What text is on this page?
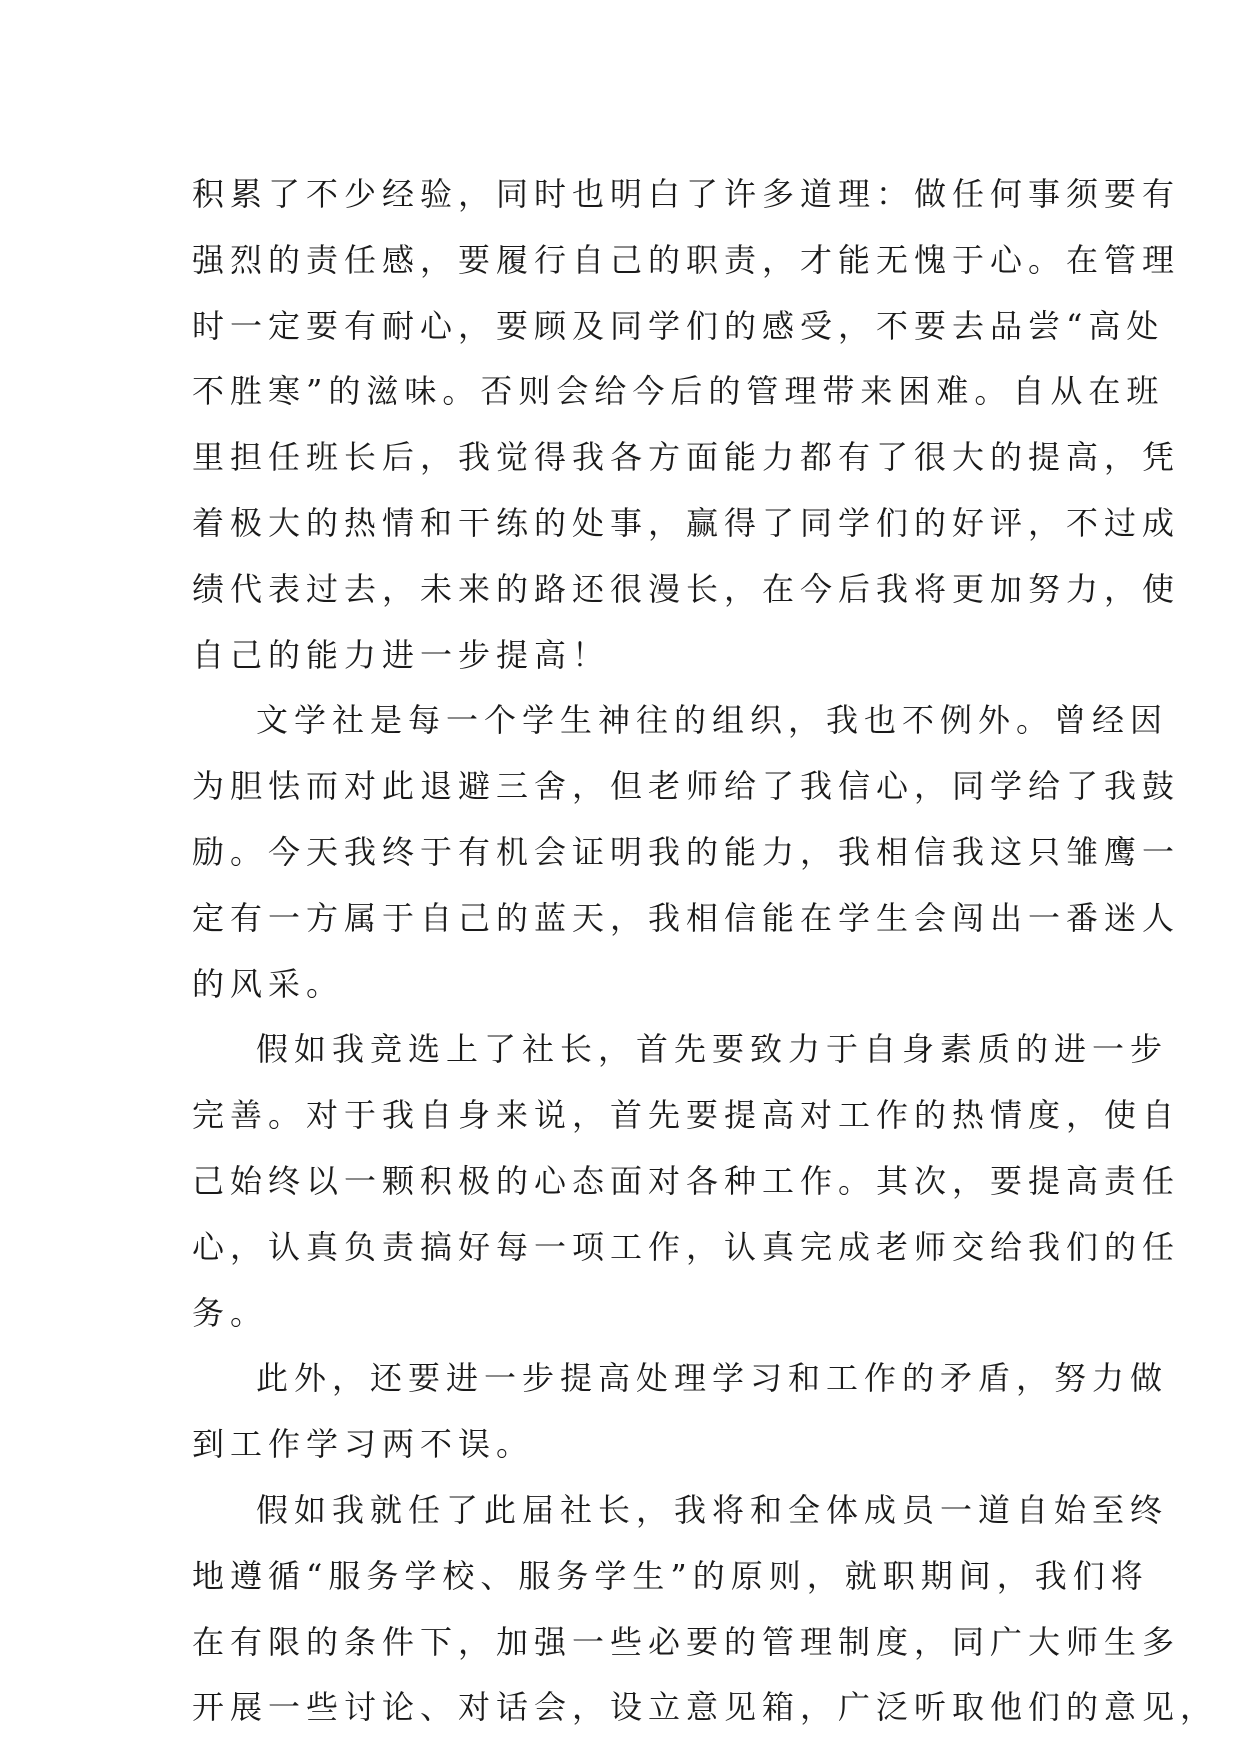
积累了不少经验，同时也明白了许多道理：做任何事须要有
强烈的责任感，要履行自己的职责，才能无愧于心。在管理
时一定要有耐心，要顾及同学们的感受，不要去品尝“高处
不胜寒”的滋味。否则会给今后的管理带来困难。自从在班
里担任班长后，我觉得我各方面能力都有了很大的提高，凭
着极大的热情和干练的处事，赢得了同学们的好评，不过成
绩代表过去，未来的路还很漫长，在今后我将更加努力，使
自己的能力进一步提高！
文学社是每一个学生神往的组织，我也不例外。曾经因
为胆怯而对此退避三舍，但老师给了我信心，同学给了我鼓
励。今天我终于有机会证明我的能力，我相信我这只雏鹰一
定有一方属于自己的蓝天，我相信能在学生会闯出一番迷人
的风采。
假如我竞选上了社长，首先要致力于自身素质的进一步
完善。对于我自身来说，首先要提高对工作的热情度，使自
己始终以一颗积极的心态面对各种工作。其次，要提高责任
心，认真负责搞好每一项工作，认真完成老师交给我们的任
务。
此外，还要进一步提高处理学习和工作的矛盾，努力做
到工作学习两不误。
假如我就任了此届社长，我将和全体成员一道自始至终
地遵循“服务学校、服务学生”的原则，就职期间，我们将
在有限的条件下，加强一些必要的管理制度，同广大师生多
开展一些讨论、对话会，设立意见箱，广泛听取他们的意见，
